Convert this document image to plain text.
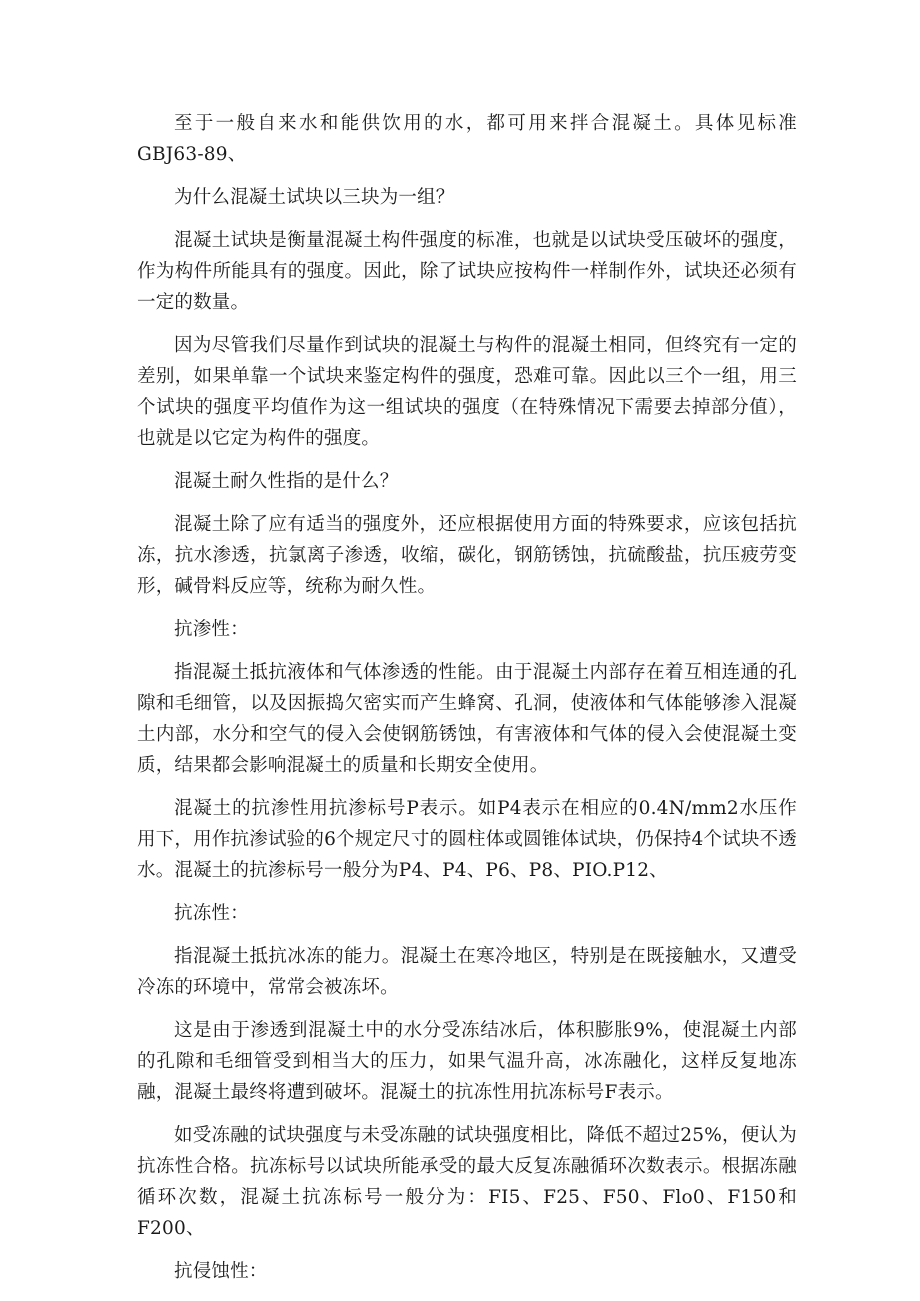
至于一般自来水和能供饮用的水，都可用来拌合混凝土。具体见标准GBJ63-89、

为什么混凝土试块以三块为一组？

混凝土试块是衡量混凝土构件强度的标准，也就是以试块受压破坏的强度，作为构件所能具有的强度。因此，除了试块应按构件一样制作外，试块还必须有一定的数量。

因为尽管我们尽量作到试块的混凝土与构件的混凝土相同，但终究有一定的差别，如果单靠一个试块来鉴定构件的强度，恐难可靠。因此以三个一组，用三个试块的强度平均值作为这一组试块的强度（在特殊情况下需要去掉部分值），也就是以它定为构件的强度。

混凝土耐久性指的是什么？

混凝土除了应有适当的强度外，还应根据使用方面的特殊要求，应该包括抗冻，抗水渗透，抗氯离子渗透，收缩，碳化，钢筋锈蚀，抗硫酸盐，抗压疲劳变形，碱骨料反应等，统称为耐久性。

抗渗性：

指混凝土抵抗液体和气体渗透的性能。由于混凝土内部存在着互相连通的孔隙和毛细管，以及因振捣欠密实而产生蜂窝、孔洞，使液体和气体能够渗入混凝土内部，水分和空气的侵入会使钢筋锈蚀，有害液体和气体的侵入会使混凝土变质，结果都会影响混凝土的质量和长期安全使用。

混凝土的抗渗性用抗渗标号P表示。如P4表示在相应的0.4N/mm2水压作用下，用作抗渗试验的6个规定尺寸的圆柱体或圆锥体试块，仍保持4个试块不透水。混凝土的抗渗标号一般分为P4、P4、P6、P8、PIO.P12、

抗冻性：

指混凝土抵抗冰冻的能力。混凝土在寒冷地区，特别是在既接触水，又遭受冷冻的环境中，常常会被冻坏。

这是由于渗透到混凝土中的水分受冻结冰后，体积膨胀9%，使混凝土内部的孔隙和毛细管受到相当大的压力，如果气温升高，冰冻融化，这样反复地冻融，混凝土最终将遭到破坏。混凝土的抗冻性用抗冻标号F表示。

如受冻融的试块强度与未受冻融的试块强度相比，降低不超过25%，便认为抗冻性合格。抗冻标号以试块所能承受的最大反复冻融循环次数表示。根据冻融循环次数，混凝土抗冻标号一般分为：FI5、F25、F50、Flo0、F150和F200、

抗侵蚀性：
